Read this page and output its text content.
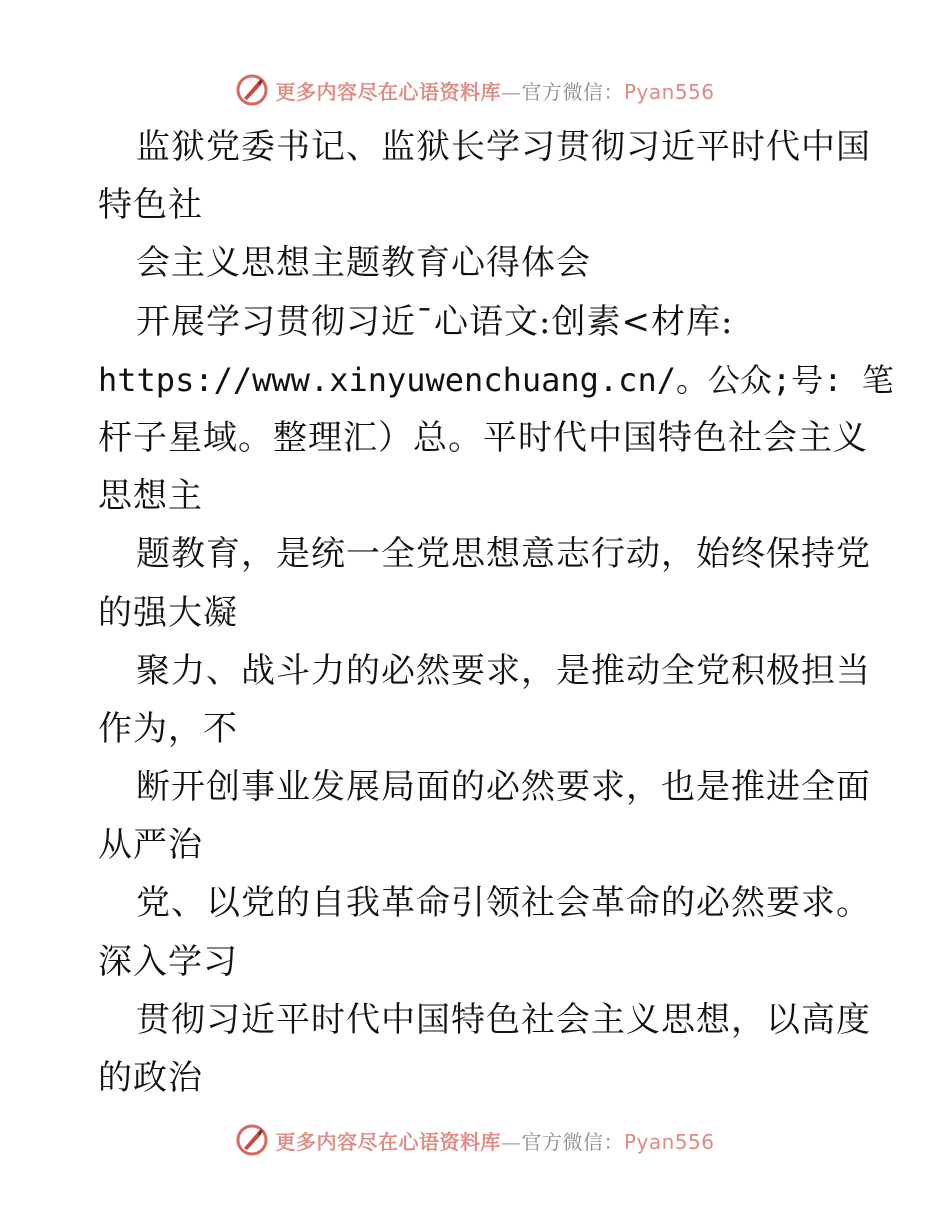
更多内容尽在心语资料库—官方微信：Pyan556
监狱党委书记、监狱长学习贯彻习近平时代中国
特色社
会主义思想主题教育心得体会
开展学习贯彻习近¯心语文:创素<材库:
https://www.xinyuwenchuang.cn/。公众;号: 笔
杆子星域。整理汇）总。平时代中国特色社会主义
思想主
题教育，是统一全党思想意志行动，始终保持党
的强大凝
聚力、战斗力的必然要求，是推动全党积极担当
作为，不
断开创事业发展局面的必然要求，也是推进全面
从严治
党、以党的自我革命引领社会革命的必然要求。
深入学习
贯彻习近平时代中国特色社会主义思想，以高度
的政治
更多内容尽在心语资料库—官方微信：Pyan556
